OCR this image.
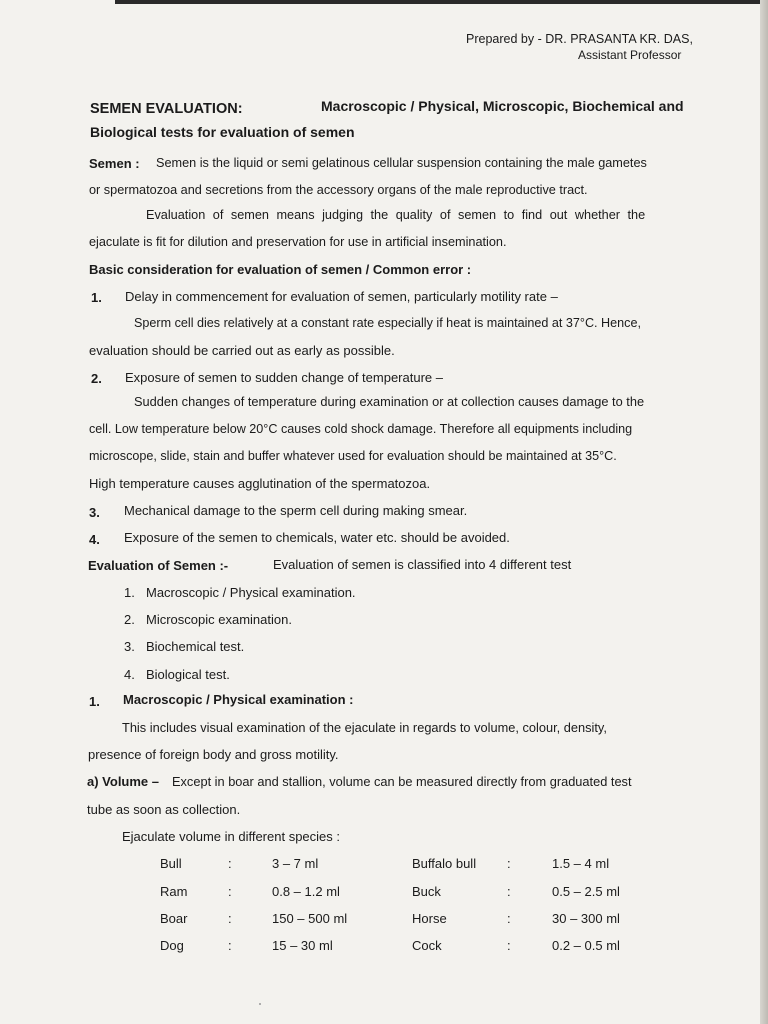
Prepared by - DR. PRASANTA KR. DAS,
Assistant Professor
SEMEN EVALUATION:	Macroscopic / Physical, Microscopic, Biochemical and
Biological tests for evaluation of semen
Semen : Semen is the liquid or semi gelatinous cellular suspension containing the male gametes
or spermatozoa and secretions from the accessory organs of the male reproductive tract.
Evaluation of semen means judging the quality of semen to find out whether the
ejaculate is fit for dilution and preservation for use in artificial insemination.
Basic consideration for evaluation of semen / Common error :
1. Delay in commencement for evaluation of semen, particularly motility rate –
Sperm cell dies relatively at a constant rate especially if heat is maintained at 37°C. Hence,
evaluation should be carried out as early as possible.
2. Exposure of semen to sudden change of temperature –
Sudden changes of temperature during examination or at collection causes damage to the
cell. Low temperature below 20°C causes cold shock damage. Therefore all equipments including
microscope, slide, stain and buffer whatever used for evaluation should be maintained at 35°C.
High temperature causes agglutination of the spermatozoa.
3. Mechanical damage to the sperm cell during making smear.
4. Exposure of the semen to chemicals, water etc. should be avoided.
Evaluation of Semen :-	Evaluation of semen is classified into 4 different test
1. Macroscopic / Physical examination.
2. Microscopic examination.
3. Biochemical test.
4. Biological test.
1. Macroscopic / Physical examination :
This includes visual examination of the ejaculate in regards to volume, colour, density,
presence of foreign body and gross motility.
a) Volume – Except in boar and stallion, volume can be measured directly from graduated test
tube as soon as collection.
Ejaculate volume in different species :
Bull	:	3 – 7 ml	Buffalo bull :	1.5 – 4 ml
Ram	:	0.8 – 1.2 ml	Buck	:	0.5 – 2.5 ml
Boar	:	150 – 500 ml	Horse	:	30 – 300 ml
Dog	:	15 – 30 ml	Cock	:	0.2 – 0.5 ml
